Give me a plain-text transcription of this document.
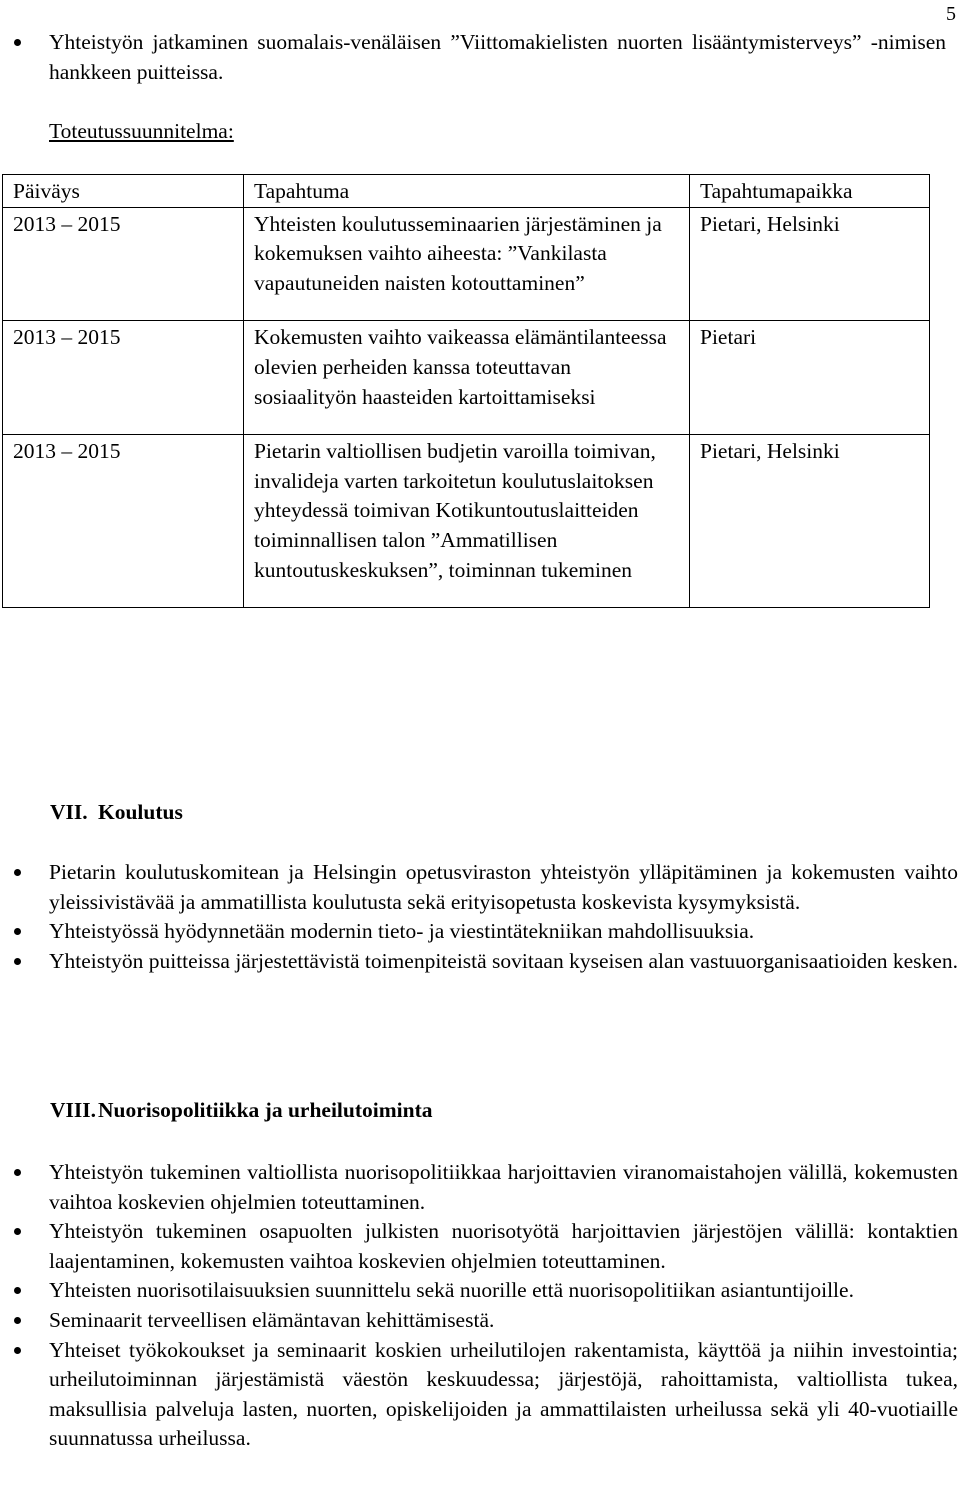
5
Yhteistyön jatkaminen suomalais-venäläisen ”Viittomakielisten nuorten lisääntymisterveys” -nimisen hankkeen puitteissa.
Toteutussuunnitelma:
Päiväys	Tapahtuma	Tapahtumapaikka
2013 – 2015	Yhteisten koulutusseminaarien järjestäminen ja kokemuksen vaihto aiheesta: ”Vankilasta vapautuneiden naisten kotouttaminen”	Pietari, Helsinki
2013 – 2015	Kokemusten vaihto vaikeassa elämäntilanteessa olevien perheiden kanssa toteuttavan sosiaalityön haasteiden kartoittamiseksi	Pietari
2013 – 2015	Pietarin valtiollisen budjetin varoilla toimivan, invalideja varten tarkoitetun koulutuslaitoksen yhteydessä toimivan Kotikuntoutuslaitteiden toiminnallisen talon ”Ammatillisen kuntoutuskeskuksen”, toiminnan tukeminen	Pietari, Helsinki
VII. Koulutus
Pietarin koulutuskomitean ja Helsingin opetusviraston yhteistyön ylläpitäminen ja kokemusten vaihto yleissivistävää ja ammatillista koulutusta sekä erityisopetusta koskevista kysymyksistä.
Yhteistyössä hyödynnetään modernin tieto- ja viestintätekniikan mahdollisuuksia.
Yhteistyön puitteissa järjestettävistä toimenpiteistä sovitaan kyseisen alan vastuuorganisaatioiden kesken.
VIII.Nuorisopolitiikka ja urheilutoiminta
Yhteistyön tukeminen valtiollista nuorisopolitiikkaa harjoittavien viranomaistahojen välillä, kokemusten vaihtoa koskevien ohjelmien toteuttaminen.
Yhteistyön tukeminen osapuolten julkisten nuorisotyötä harjoittavien järjestöjen välillä: kontaktien laajentaminen, kokemusten vaihtoa koskevien ohjelmien toteuttaminen.
Yhteisten nuorisotilaisuuksien suunnittelu sekä nuorille että nuorisopolitiikan asiantuntijoille.
Seminaarit terveellisen elämäntavan kehittämisestä.
Yhteiset työkokoukset ja seminaarit koskien urheilutilojen rakentamista, käyttöä ja niihin investointia; urheilutoiminnan järjestämistä väestön keskuudessa; järjestöjä, rahoittamista, valtiollista tukea, maksullisia palveluja lasten, nuorten, opiskelijoiden ja ammattilaisten urheilussa sekä yli 40-vuotiaille suunnatussa urheilussa.
